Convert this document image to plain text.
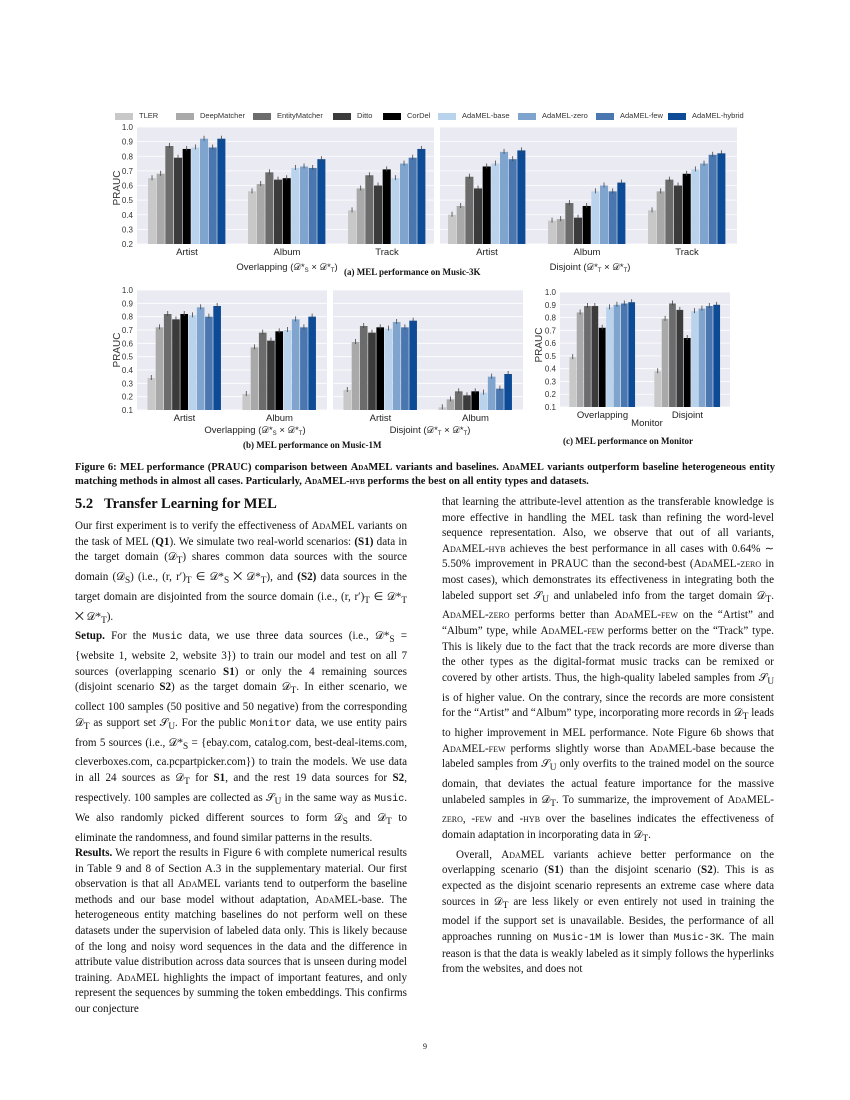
TLER	DeepMatcher	EntityMatcher	Ditto	CorDel	AdaMEL-base	AdaMEL-zero	AdaMEL-few	AdaMEL-hybrid
0.2
0.3
0.4
0.5
0.6
0.7
0.8
0.9
1.0
Artist	Album	Track	Artist	Album	Track
PRAUC
Overlapping ($𝒟*_S$ × $𝒟*_T$)	Disjoint ($𝒟*_T$ × $𝒟*_T$)
(a) MEL performance on Music-3K
0.1
0.2
0.3
0.4
0.5
0.6
0.7
0.8
0.9
1.0
Artist	Album	Artist	Album
PRAUC
Overlapping ($𝒟*_S$ × $𝒟*_T$)	Disjoint ($𝒟*_T$ × $𝒟*_T$)
(b) MEL performance on Music-1M
0.1
0.2
0.3
0.4
0.5
0.6
0.7
0.8
0.9
1.0
Overlapping	Disjoint
PRAUC
Monitor
(c) MEL performance on Monitor
Figure 6: MEL performance (PRAUC) comparison between AdaMEL variants and baselines. AdaMEL variants outperform baseline heterogeneous entity matching methods in almost all cases. Particularly, AdaMEL-hyb performs the best on all entity types and datasets.
5.2 Transfer Learning for MEL

Our first experiment is to verify the effectiveness of AdaMEL variants on the task of MEL (Q1). We simulate two real-world scenarios: (S1) data in the target domain (𝒟$_T$) shares common data sources with the source domain (𝒟$_S$) (i.e., (r, $r')_T$ ∈ $𝒟*_S$ ⨉ $𝒟*_T$), and (S2) data sources in the target domain are disjointed from the source domain (i.e., (r, $r')_T$ ∈ $𝒟*_T$ ⨉ $𝒟*_T$).

Setup. For the Music data, we use three data sources (i.e., $𝒟*_S$ = {website 1, website 2, website 3}) to train our model and test on all 7 sources (overlapping scenario S1) or only the 4 remaining sources (disjoint scenario S2) as the target domain 𝒟$_T$. In either scenario, we collect 100 samples (50 positive and 50 negative) from the corresponding 𝒟$_T$ as support set 𝒮$_U$. For the public Monitor data, we use entity pairs from 5 sources (i.e., $𝒟*_S$ = {ebay.com, catalog.com, best-deal-items.com, cleverboxes.com, ca.pcpartpicker.com}) to train the models. We use data in all 24 sources as 𝒟$_T$ for S1, and the rest 19 data sources for S2, respectively. 100 samples are collected as 𝒮$_U$ in the same way as Music. We also randomly picked different sources to form 𝒟$_S$ and 𝒟$_T$ to eliminate the randomness, and found similar patterns in the results.

Results. We report the results in Figure 6 with complete numerical results in Table 9 and 8 of Section A.3 in the supplementary material. Our first observation is that all AdaMEL variants tend to outperform the baseline methods and our base model without adaptation, AdaMEL-base. The heterogeneous entity matching baselines do not perform well on these datasets under the supervision of labeled data only. This is likely because of the long and noisy word sequences in the data and the difference in attribute value distribution across data sources that is unseen during model training. AdaMEL highlights the impact of important features, and only represent the sequences by summing the token embeddings. This confirms our conjecture

that learning the attribute-level attention as the transferable knowledge is more effective in handling the MEL task than refining the word-level sequence representation. Also, we observe that out of all variants, AdaMEL-hyb achieves the best performance in all cases with 0.64% ∼ 5.50% improvement in PRAUC than the second-best (AdaMEL-zero in most cases), which demonstrates its effectiveness in integrating both the labeled support set 𝒮$_U$ and unlabeled info from the target domain 𝒟$_T$. AdaMEL-zero performs better than AdaMEL-few on the “Artist” and “Album” type, while AdaMEL-few performs better on the “Track” type. This is likely due to the fact that the track records are more diverse than the other types as the digital-format music tracks can be remixed or covered by other artists. Thus, the high-quality labeled samples from 𝒮$_U$ is of higher value. On the contrary, since the records are more consistent for the “Artist” and “Album” type, incorporating more records in 𝒟$_T$ leads to higher improvement in MEL performance. Note Figure 6b shows that AdaMEL-few performs slightly worse than AdaMEL-base because the labeled samples from 𝒮$_U$ only overfits to the trained model on the source domain, that deviates the actual feature importance for the massive unlabeled samples in 𝒟$_T$. To summarize, the improvement of AdaMEL-zero, -few and -hyb over the baselines indicates the effectiveness of domain adaptation in incorporating data in 𝒟$_T$.

Overall, AdaMEL variants achieve better performance on the overlapping scenario (S1) than the disjoint scenario (S2). This is as expected as the disjoint scenario represents an extreme case where data sources in 𝒟$_T$ are less likely or even entirely not used in training the model if the support set is unavailable. Besides, the performance of all approaches running on Music-1M is lower than Music-3K. The main reason is that the data is weakly labeled as it simply follows the hyperlinks from the websites, and does not

9
